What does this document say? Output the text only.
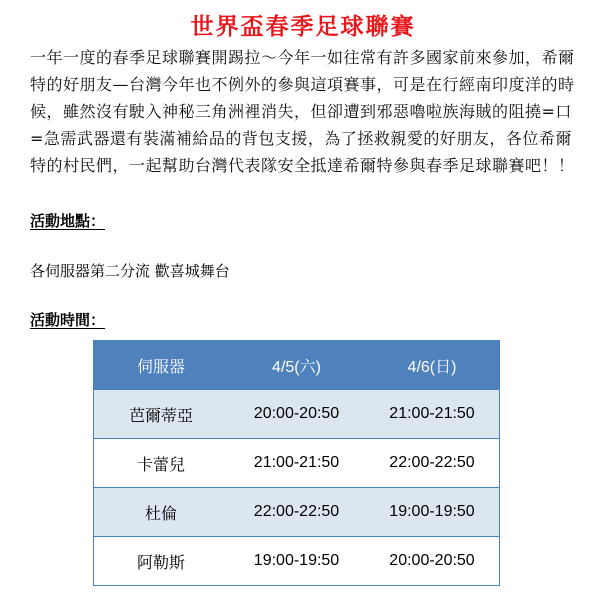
世界盃春季足球聯賽
一年一度的春季足球聯賽開踢拉～今年一如往常有許多國家前來參加，希爾特的好朋友—台灣今年也不例外的參與這項賽事，可是在行經南印度洋的時候，雖然沒有駛入神秘三角洲裡消失，但卻遭到邪惡嚕啦族海賊的阻撓=口=急需武器還有裝滿補給品的背包支援，為了拯救親愛的好朋友，各位希爾特的村民們，一起幫助台灣代表隊安全抵達希爾特參與春季足球聯賽吧！！
活動地點：
各伺服器第二分流 歡喜城舞台
活動時間：
伺服器	4/5(六)	4/6(日)
芭爾蒂亞	20:00-20:50	21:00-21:50
卡蕾兒	21:00-21:50	22:00-22:50
杜倫	22:00-22:50	19:00-19:50
阿勒斯	19:00-19:50	20:00-20:50
